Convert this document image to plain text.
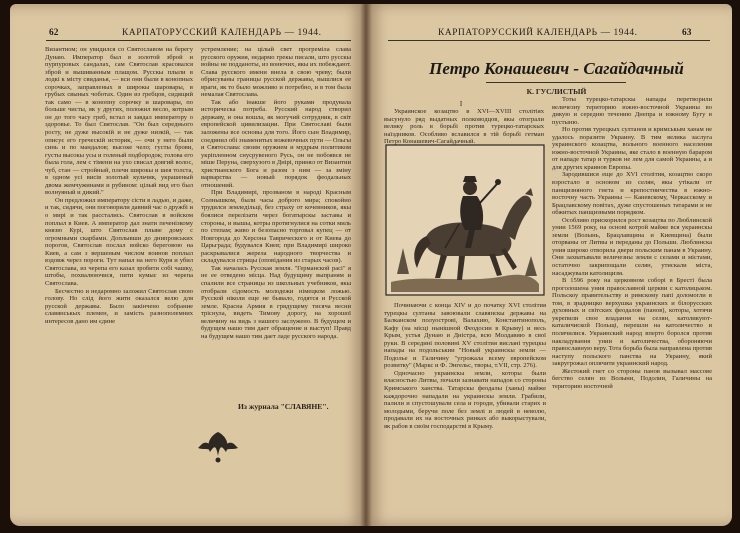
62	КАРПАТОРУССКИЙ КАЛЕНДАРЬ — 1944.

Византиом; он увидился со Святославом на берегу Дунаю. Император был в золотой зброй и пурпуровых сандалах, сам Святослав красовался зброй и вышиванным плащом. Русскы плыли в лодкі к місту свиданья, — вси они были в конопных сорочках, заправленых в широкы шаровары, в грубых свыных чоботах. Один из гребцов, сидящий так само — в конопну сорочку и шаровары, по больше чисты, як у других, положил весло, котрым он до того часу греб, встал и завдал императору о здоровье. То был Святослав. "Он был середнього росту, не дуже высокій и не дуже низкій, — так описує его греческій историк, — очи у него были синь и по мандалов; высоке чело; густы брови, густы высокы усы и голеный подбородок; голова его была гола, лем с тімени на ухо свисал довгий волос, чуб, стан — стройный, плечи широкы и шея толста, в одном усі висів золотый кульчик, украшеный двома жемчужинами и рубином: цілый вид его был волнуяный и дикий."

Он предложил императору сісти в ладью, и даже, и так, сидячи, они поговорили давний час о дружбі и о мирі и так расстались. Святослав в войском поплыл в Киев. А император дал знати печенізкому князю Курі, што Святослав плыве дому с огромными скарбами. Доплывши до днипровських порогов, Святослав послал войско береговою на Киев, а сам з вершеным числом воинов поплыл вздовж через пороги. Тут напал на него Куря и убил Святослава, из черепа его казал зробити собі чашку, штобы, похвалюючися, пити кумыс из черепа Святослава.

Бесчестно и недаромно заложил Святослав свою голову. Но слід його жити оказался велю для русской державы. Было закінчено собрание славянськых племен, и замість разнополемних интересов дано им єдине

устремление; на цілый свет прогреміла слава русского оружия, недармо грекы писали, што русскы войны не подданоты, из вонючих, якы их побеждают. Слава русского имени внела в свою чреву; были обрисуваны границы русской державы, вышлися ее враги, як то было можливо и потребно, и в том была немалая Святослава.

Так або інакше його руками продувала историческа потреба. Русский народ створил державу, и она вошла, як могучий сотрудник, в світ европейской цивилизации. При Святославі были заложены все основы для того. Його сын Владимир, соединил обі знаменитых вожевочных пути — Ольгы и Святослава: своим оружием и мудрым политиком укріпленном снусрувеного Русь, он не побоявся не міше Перуна, сверхузого в Днірі, принял от Византии христианского Бога и разом з ним — за зміну варварства — новый порядок феодальных отношений.

При Владимирі, прозваном в народі Красным Солнышком, были часы доброго мира; спокойно трудился земледільці, без страху от кочевников, якы боялися перелізати через богатырскы заставы и стороны, и вышы, котры протягнулися на сотки миль по степам; живо и безопасно торговал купец — от Новгорода до Херсона Таврического и от Киева до Царьграда; будувался Киев; при Владимирі широко раскрывалися жерела народного творчества и складувался стрицы (оповідания из старых часов).

Так началась Русская земля. "Германской расі" я не ее отведено місца. Над будущиму выпраням и спалили все страницы из школьных учебников, якы отобрали сідомость молодежи німецком ложью. Русской ніколи еще не бывало, годятся и Русской земле. Красна Армия в грядущему тисяча весни тріснула, видеть Тимову дорогу, на хорошої величину на видь з нашого заслужено. В будущем и будущем нашо тим дает обращение и выступ! Правд на будущем нашо тим дает ладе русского народа.

Из журнала "СЛАВЯНЕ".
КАРПАТОРУССКИЙ КАЛЕНДАРЬ — 1944.	63
Петро Конашевич - Сагайдачный
К. ГУСЛИСТЫЙ
I

Украинское козацтво в XVI—XVIII столітіях высунуло ряд выдатных полководцов, якы отограли велику роль в борьбі против турецко-татарскых наїздников. Особливо вславился в тій борьбі гетман Петро Конашевич-Сагайдачный.

Починаючи с конца XIV и до початку XVI столітия турецкы султаны завоювали славянскы державы на Балканском полуострові, Валахию, Константинополь, Кафу (на місці нынішной Феодосии в Крыму) и весь Крым, устья Дунаю и Дністра, всю Молдавию в свої руки. В середині половині XV столітия вислані турецкы напады на подольськии "Новый украинскы земли — Подолье и Галичину "угрожала всему европейском розвитку" (Маркс и Ф. Энгельс, творы, т.VII, стр. 276).

Одночасно украинскы земли, которы были власностью Литвы, почали зазнавати нападов со стороны Кримського ханства. Татарскы феодалы (ханы) майже каждорочно нападали на украинскы земли. Грабили, палили и спустошували села и городи, убивали старих и молодыми, беручи поле без землі и людей в неволю, продавали их на восточных ринках або выкорыстували, як рабов в своїм господарстві в Крыму.

Тоты турецко-татарскы напады перетворили величезну територию южно-восточной Украины во дикую и середню течению Днепра и южному Бугу в пустыню.

Но против турецкых султанов и кримськым ханам не удалось поразити Украину. В тим велика заслуга украинского козацтва, вольного военного населения южно-восточной Украины, яке стало в военную бараром от нападе татар и турков не лем для самой Украины, а и для других краинов Европы.

Зародившися еще до XVI столітия, козацтво скоро взростало в основом из селян, якы утікали от панщизняного гнета и крепостничества в южно-восточну часть Украины — Каневскому, Черкасскому и Брацлавскому повітах, дуже спустошеных татарами и не обжитых панщизными порядком.

Особливо прискорился рост козацтва по Люблинской унии 1569 року, на основі котрой майже вся украинскы земли (Волынь, Брацлавщина и Киевщина) были оторваны от Литвы и переданы до Польши. Люблинска уния широко отворила двери польским панам в Украину. Они захватывали величезны земли с селами и містами, остаточно закрипощали селян, утискали міста, насаджували католицизм.

В 1596 року на церковном соборі в Бресті была проголошена уния православной церкви с католицьком. Польскоу правительству и римскому папі доломогли в том, в зрадницко верхушка украинских и білорусских духовных и світских феодалов (панов), которы, хотячи укрепили свое владання на селян, католикуют-каталичиской Польщі, перешли на католичество и полячилися. Украинский народ вперто боролся против накладування унии и католичества, обороняючи православную веру. Тота борьба была направлена против наступу польского панства на Украину, який закругрожал оплячити украинский народ.

Жестокий гнет со стороны панов вызывал массове бегство селян из Волыни, Подолии, Галичины на територию восточной
